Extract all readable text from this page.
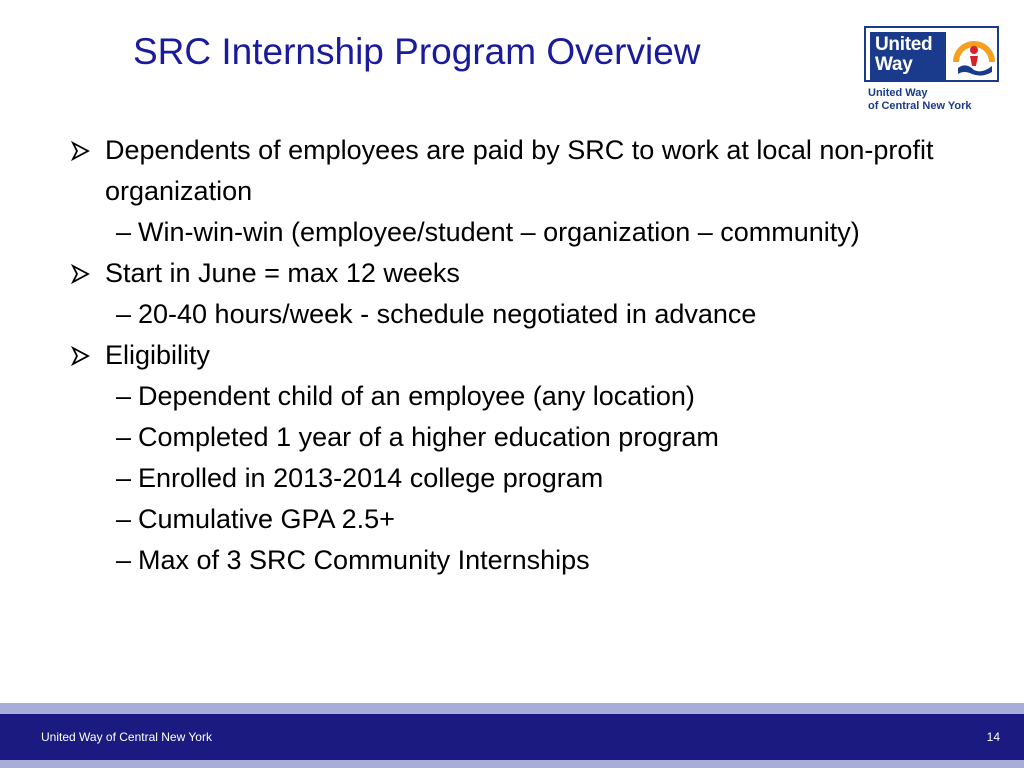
SRC Internship Program Overview	United
Way
United Way
of Central New York
Dependents of employees are paid by SRC to work at local non-profit organization
– Win-win-win (employee/student – organization – community)
Start in June = max 12 weeks
– 20-40 hours/week - schedule negotiated in advance
Eligibility
– Dependent child of an employee (any location)
– Completed 1 year of a higher education program
– Enrolled in 2013-2014 college program
– Cumulative GPA 2.5+
– Max of 3 SRC Community Internships
United Way of Central New York	14
